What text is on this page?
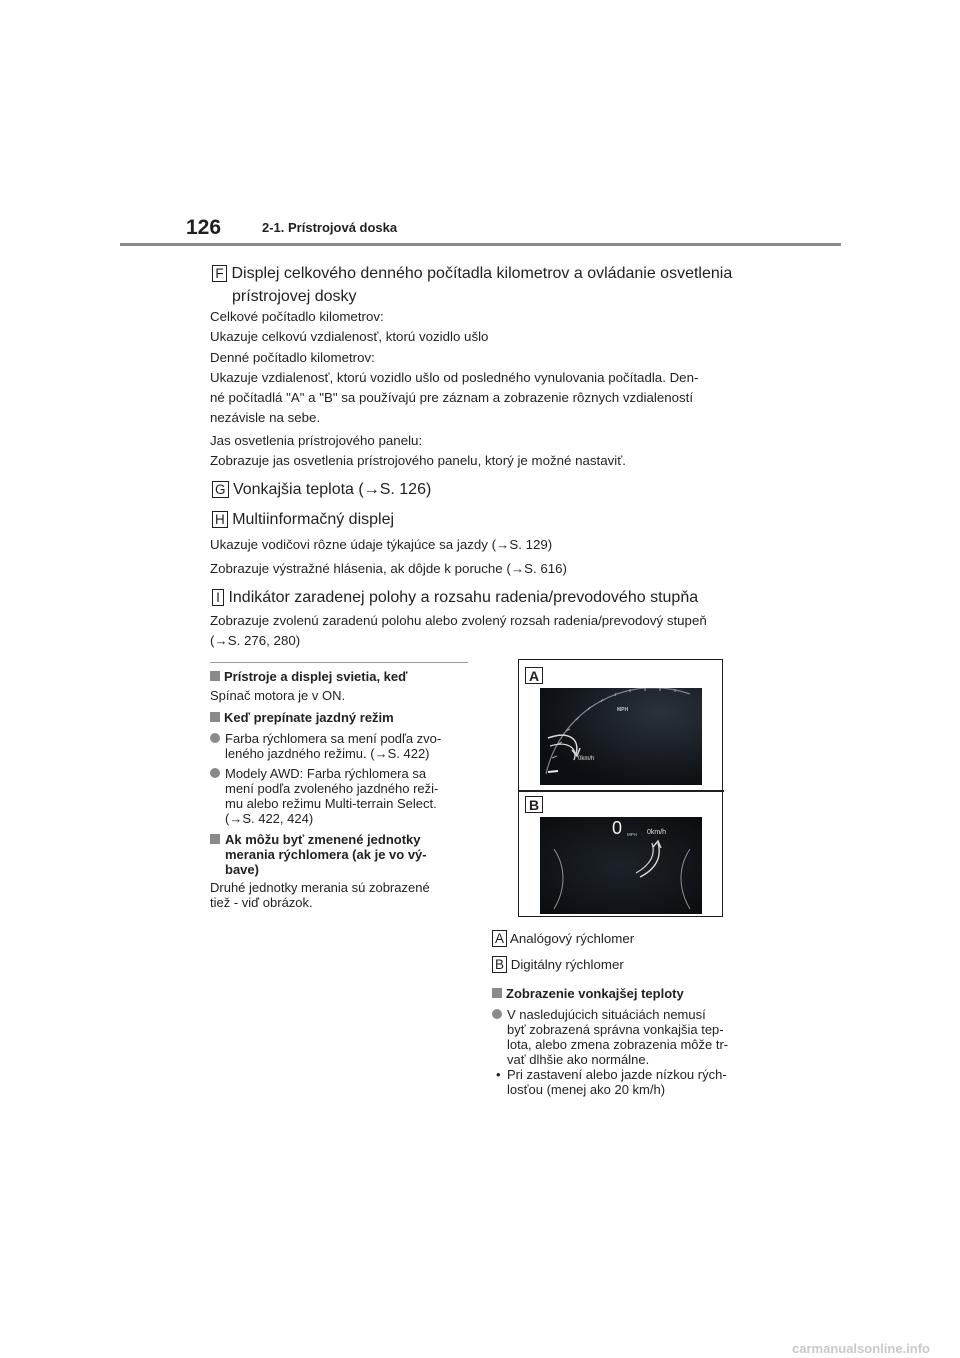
126	2-1. Prístrojová doska
F Displej celkového denného počítadla kilometrov a ovládanie osvetlenia
prístrojovej dosky
Celkové počítadlo kilometrov:
Ukazuje celkovú vzdialenosť, ktorú vozidlo ušlo
Denné počítadlo kilometrov:
Ukazuje vzdialenosť, ktorú vozidlo ušlo od posledného vynulovania počítadla. Den-
né počítadlá "A" a "B" sa používajú pre záznam a zobrazenie rôznych vzdialeností
nezávisle na sebe.
Jas osvetlenia prístrojového panelu:
Zobrazuje jas osvetlenia prístrojového panelu, ktorý je možné nastaviť.
G Vonkajšia teplota (→S. 126)
H Multiinformačný displej
Ukazuje vodičovi rôzne údaje týkajúce sa jazdy (→S. 129)
Zobrazuje výstražné hlásenia, ak dôjde k poruche (→S. 616)
I Indikátor zaradenej polohy a rozsahu radenia/prevodového stupňa
Zobrazuje zvolenú zaradenú polohu alebo zvolený rozsah radenia/prevodový stupeň
(→S. 276, 280)
Prístroje a displej svietia, keď
Spínač motora je v ON.
Keď prepínate jazdný režim
Farba rýchlomera sa mení podľa zvo-
leného jazdného režimu. (→S. 422)
Modely AWD: Farba rýchlomera sa
mení podľa zvoleného jazdného reži-
mu alebo režimu Multi-terrain Select.
(→S. 422, 424)
Ak môžu byť zmenené jednotky
merania rýchlomera (ak je vo vý-
bave)
Druhé jednotky merania sú zobrazené
tiež - viď obrázok.
A
MPH
0km/h
B
0 MPH 0km/h
A Analógový rýchlomer
B Digitálny rýchlomer
Zobrazenie vonkajšej teploty
V nasledujúcich situáciách nemusí
byť zobrazená správna vonkajšia tep-
lota, alebo zmena zobrazenia môže tr-
vať dlhšie ako normálne.
• Pri zastavení alebo jazde nízkou rých-
losťou (menej ako 20 km/h)
carmanualsonline.info
